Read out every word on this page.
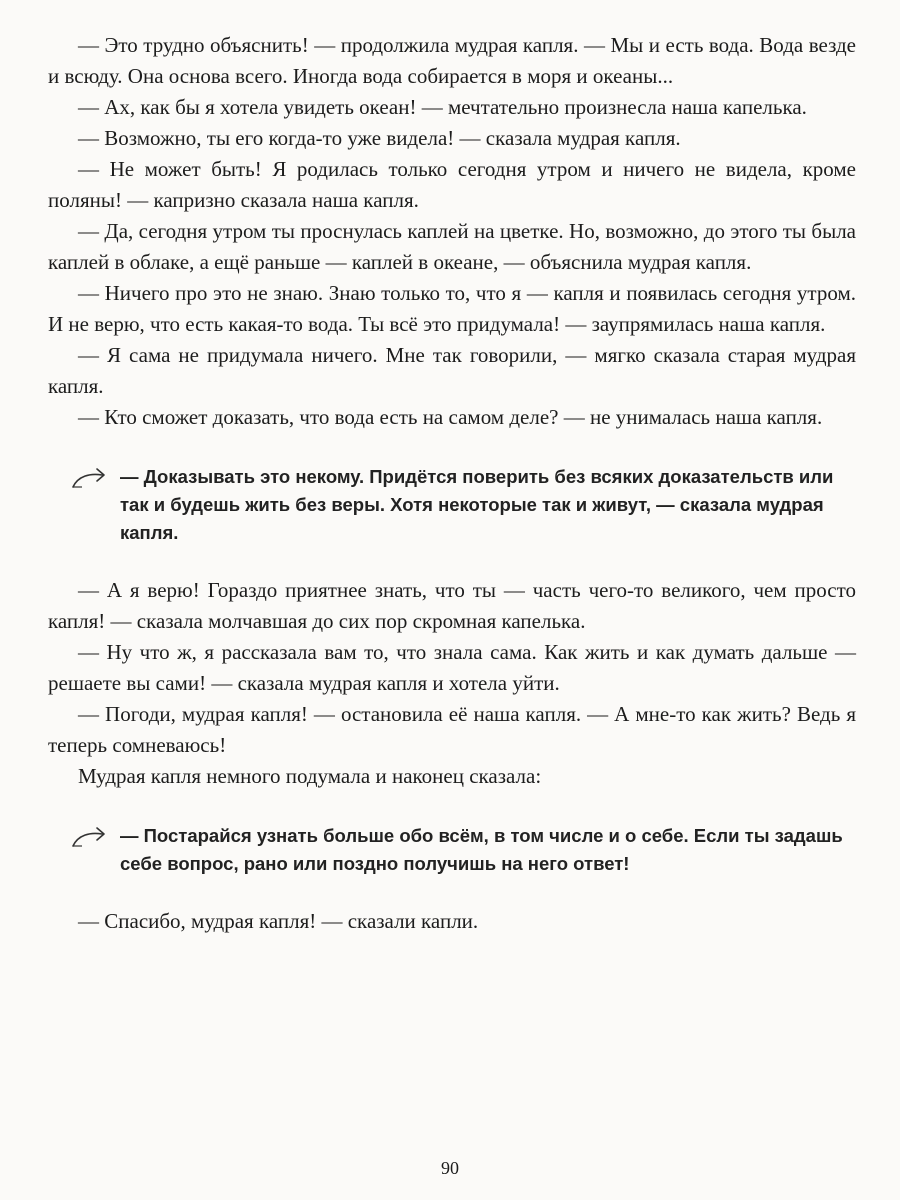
— Это трудно объяснить! — продолжила мудрая капля. — Мы и есть вода. Вода везде и всюду. Она основа всего. Иногда вода собирается в моря и океаны...

— Ах, как бы я хотела увидеть океан! — мечтательно произнесла наша капелька.

— Возможно, ты его когда-то уже видела! — сказала мудрая капля.

— Не может быть! Я родилась только сегодня утром и ничего не видела, кроме поляны! — капризно сказала наша капля.

— Да, сегодня утром ты проснулась каплей на цветке. Но, возможно, до этого ты была каплей в облаке, а ещё раньше — каплей в океане, — объяснила мудрая капля.

— Ничего про это не знаю. Знаю только то, что я — капля и появилась сегодня утром. И не верю, что есть какая-то вода. Ты всё это придумала! — заупрямилась наша капля.

— Я сама не придумала ничего. Мне так говорили, — мягко сказала старая мудрая капля.

— Кто сможет доказать, что вода есть на самом деле? — не унималась наша капля.

— Доказывать это некому. Придётся поверить без всяких доказательств или так и будешь жить без веры. Хотя некоторые так и живут, — сказала мудрая капля.

— А я верю! Гораздо приятнее знать, что ты — часть чего-то великого, чем просто капля! — сказала молчавшая до сих пор скромная капелька.

— Ну что ж, я рассказала вам то, что знала сама. Как жить и как думать дальше — решаете вы сами! — сказала мудрая капля и хотела уйти.

— Погоди, мудрая капля! — остановила её наша капля. — А мне-то как жить? Ведь я теперь сомневаюсь!

Мудрая капля немного подумала и наконец сказала:

— Постарайся узнать больше обо всём, в том числе и о себе. Если ты задашь себе вопрос, рано или поздно получишь на него ответ!

— Спасибо, мудрая капля! — сказали капли.

90
